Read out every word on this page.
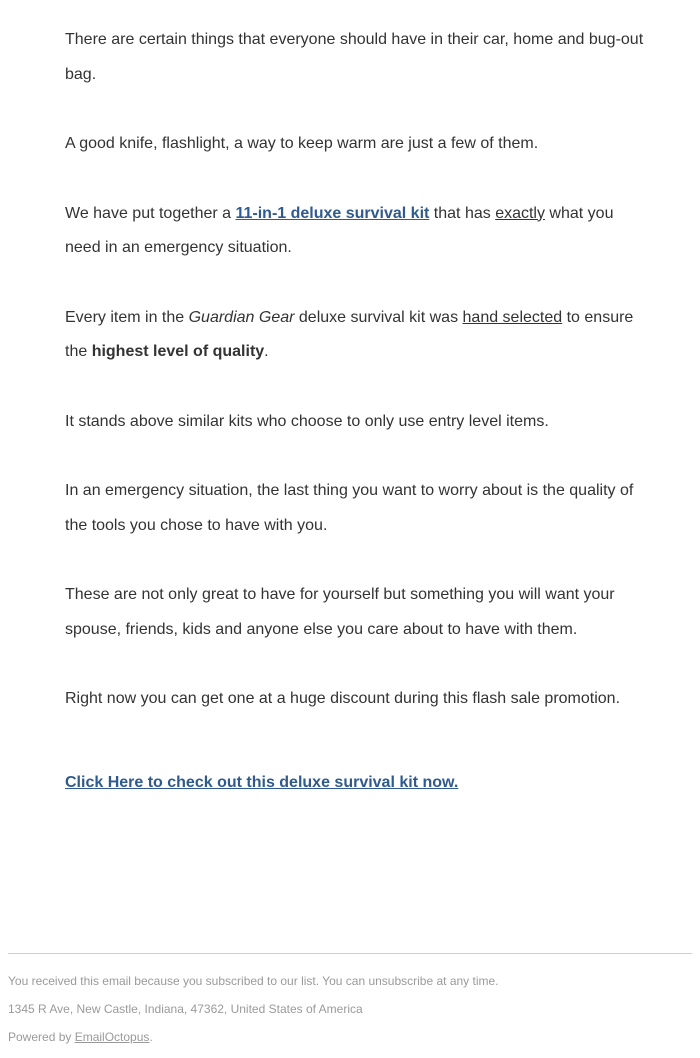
There are certain things that everyone should have in their car, home and bug-out bag.

A good knife, flashlight, a way to keep warm are just a few of them.

We have put together a 11-in-1 deluxe survival kit that has exactly what you need in an emergency situation.

Every item in the Guardian Gear deluxe survival kit was hand selected to ensure the highest level of quality.

It stands above similar kits who choose to only use entry level items.

In an emergency situation, the last thing you want to worry about is the quality of the tools you chose to have with you.

These are not only great to have for yourself but something you will want your spouse, friends, kids and anyone else you care about to have with them.

Right now you can get one at a huge discount during this flash sale promotion.

Click Here to check out this deluxe survival kit now.
You received this email because you subscribed to our list. You can unsubscribe at any time.
1345 R Ave, New Castle, Indiana, 47362, United States of America
Powered by EmailOctopus.
